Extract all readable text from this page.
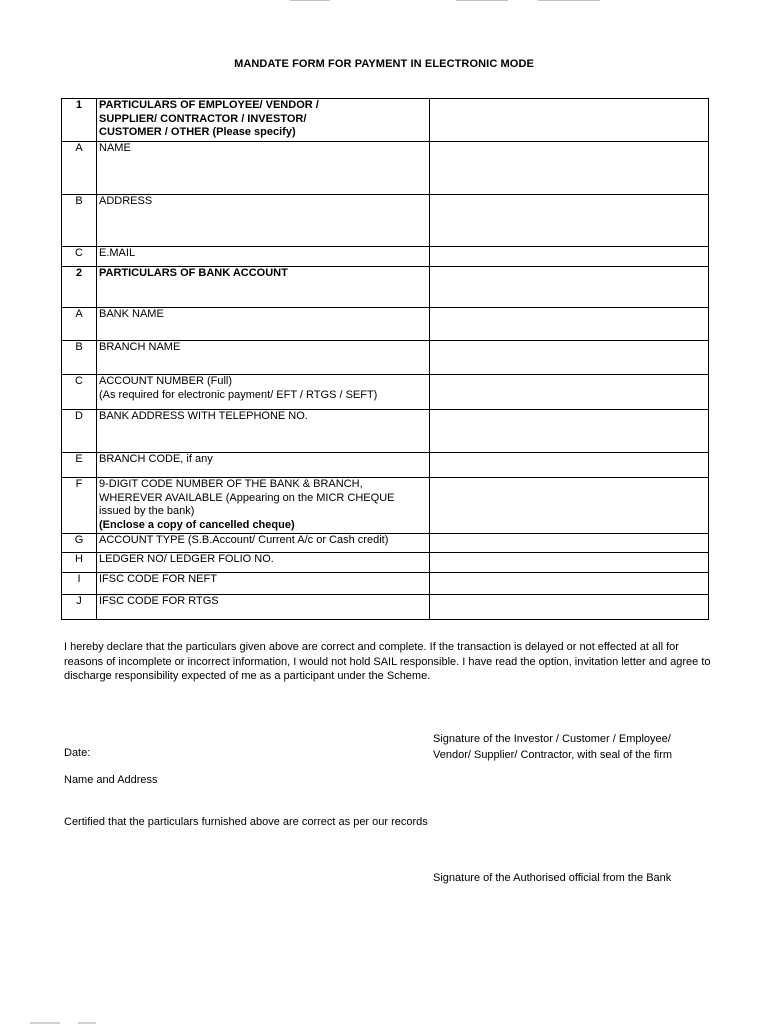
MANDATE FORM FOR PAYMENT IN ELECTRONIC MODE
1	PARTICULARS OF EMPLOYEE/ VENDOR /
SUPPLIER/ CONTRACTOR / INVESTOR/
CUSTOMER / OTHER (Please specify)	

A	NAME	
B	ADDRESS	
C	E.MAIL	
2	PARTICULARS OF BANK ACCOUNT	
A	BANK NAME	
B	BRANCH NAME	
C	ACCOUNT NUMBER (Full)
(As required for electronic payment/ EFT / RTGS / SEFT)	

D	BANK ADDRESS WITH TELEPHONE NO.	
E	BRANCH CODE, if any	
F	9-DIGIT CODE NUMBER OF THE BANK & BRANCH,
WHEREVER AVAILABLE (Appearing on the MICR CHEQUE
issued by the bank)
(Enclose a copy of cancelled cheque)	

G	ACCOUNT TYPE (S.B.Account/ Current A/c or Cash credit)	
H	LEDGER NO/ LEDGER FOLIO NO.	
I	IFSC CODE FOR NEFT	
J	IFSC CODE FOR RTGS	
I hereby declare that the particulars given above are correct and complete. If the transaction is delayed or not effected at all for reasons of incomplete or incorrect information, I would not hold SAIL responsible. I have read the option, invitation letter and agree to discharge responsibility expected of me as a participant under the Scheme.
Signature of the Investor / Customer / Employee/
Vendor/ Supplier/ Contractor, with seal of the firm
Date:
Name and Address
Certified that the particulars furnished above are correct as per our records
Signature of the Authorised official from the Bank
